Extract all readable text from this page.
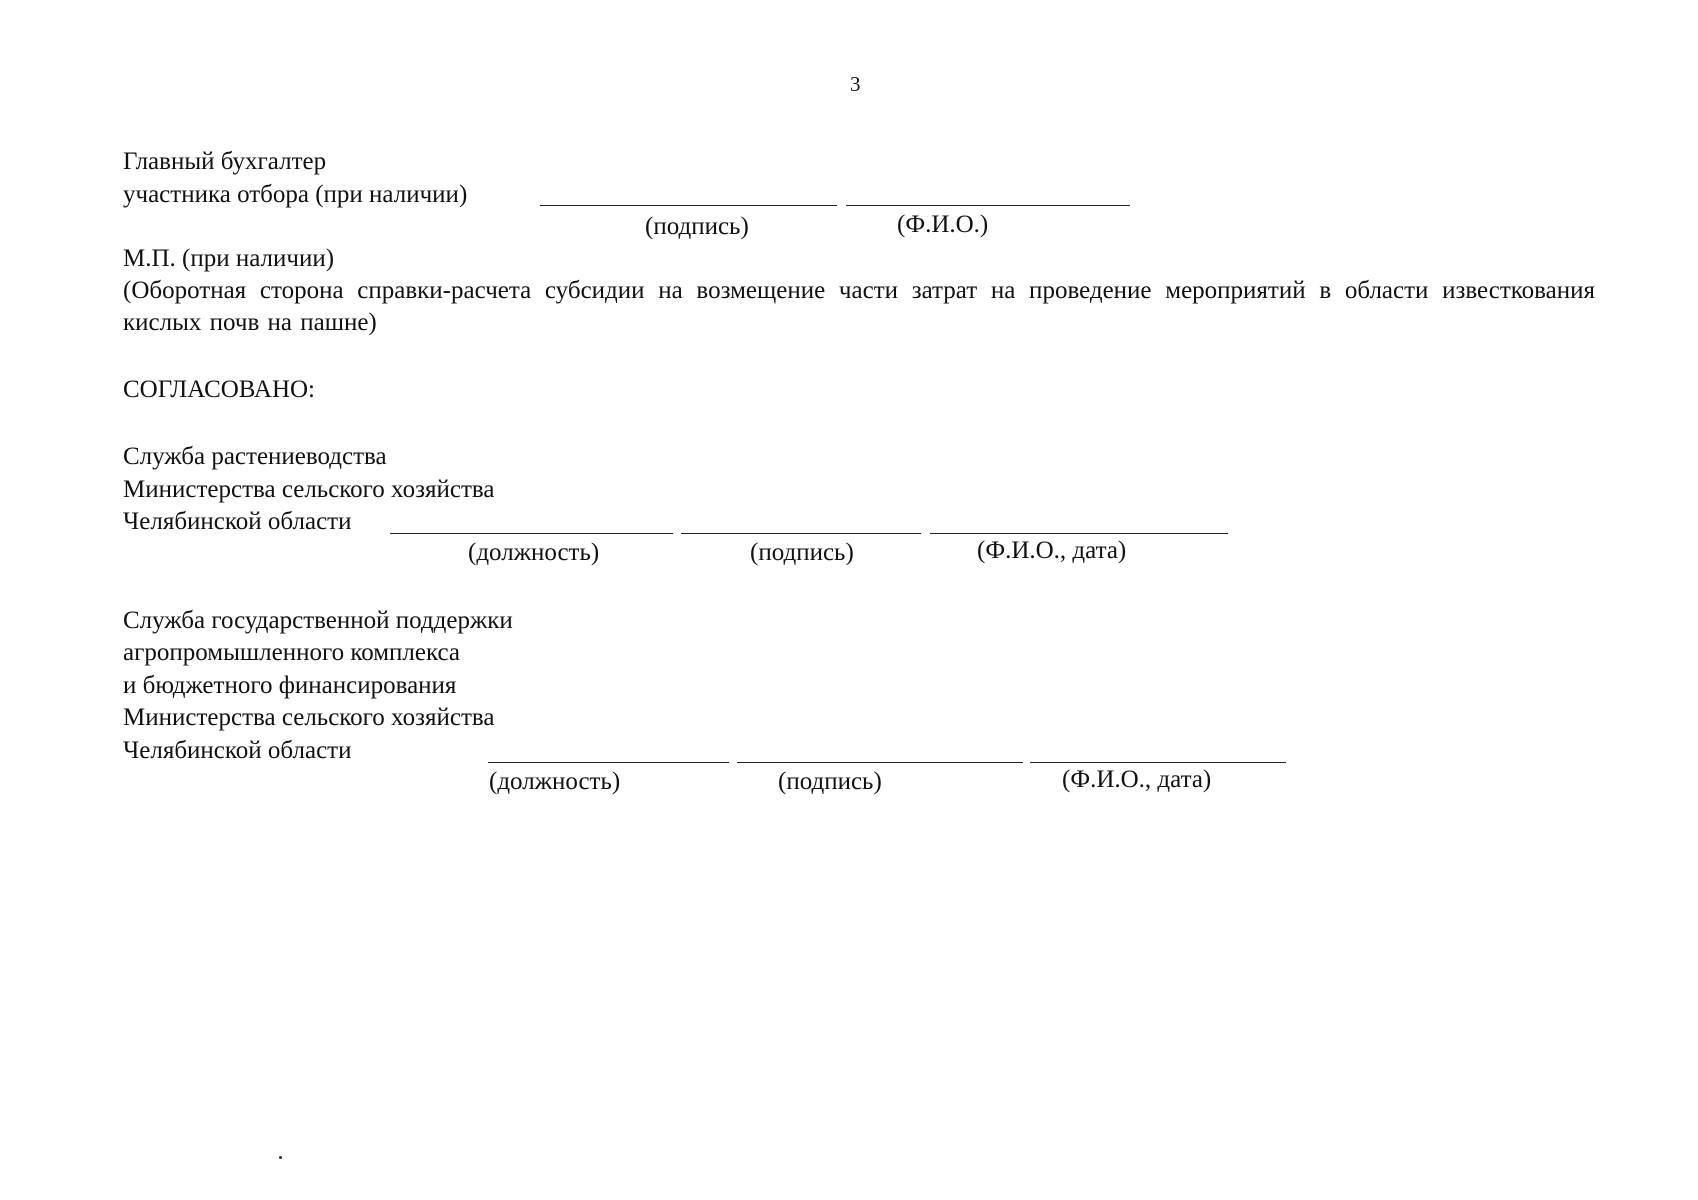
3

Главный бухгалтер

участника отбора (при наличии)

(подпись)	(Ф.И.О.)

М.П. (при наличии)

(Оборотная сторона справки-расчета субсидии на возмещение части затрат на проведение мероприятий в области известкования кислых почв на пашне)

СОГЛАСОВАНО:

Служба растениеводства

Министерства сельского хозяйства

Челябинской области

(должность)	(подпись)	(Ф.И.О., дата)

Служба государственной поддержки

агропромышленного комплекса

и бюджетного финансирования

Министерства сельского хозяйства

Челябинской области

(должность)	(подпись)	(Ф.И.О., дата)
